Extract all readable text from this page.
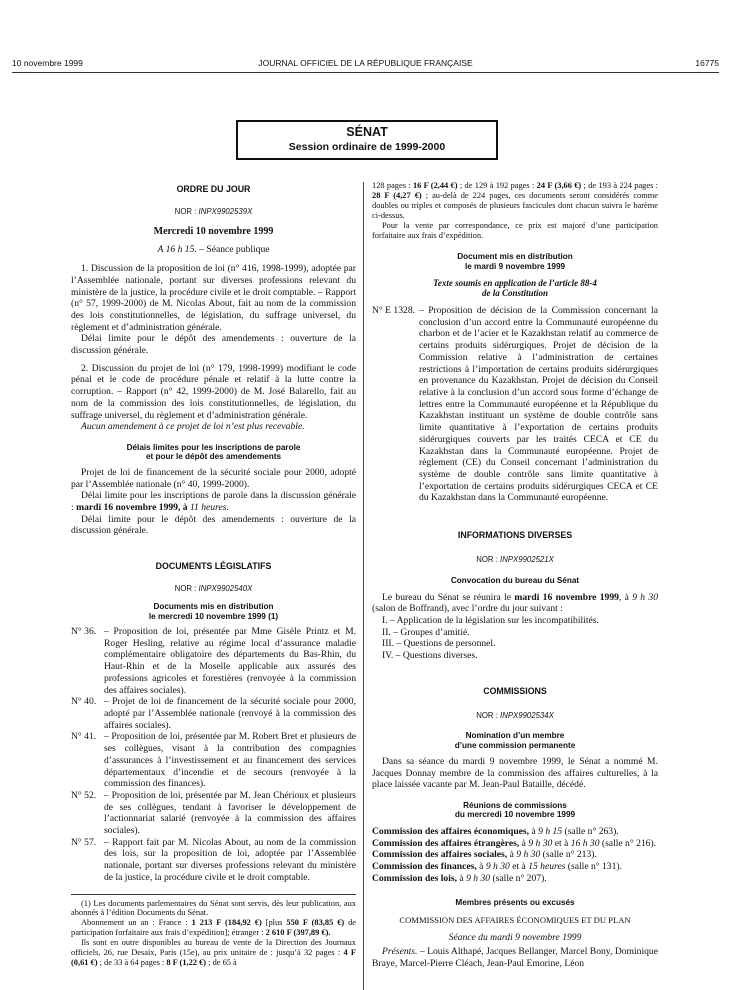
10 novembre 1999	JOURNAL OFFICIEL DE LA RÉPUBLIQUE FRANÇAISE	16775
SÉNAT
Session ordinaire de 1999-2000
ORDRE DU JOUR
NOR : INPX9902539X
Mercredi 10 novembre 1999
A 16 h 15. – Séance publique

1. Discussion de la proposition de loi (n° 416, 1998-1999), adoptée par l’Assemblée nationale, portant sur diverses professions relevant du ministère de la justice, la procédure civile et le droit comptable. – Rapport (n° 57, 1999-2000) de M. Nicolas About, fait au nom de la commission des lois constitutionnelles, de législation, du suffrage universel, du règlement et d’administration générale.

Délai limite pour le dépôt des amendements : ouverture de la discussion générale.

2. Discussion du projet de loi (n° 179, 1998-1999) modifiant le code pénal et le code de procédure pénale et relatif à la lutte contre la corruption. – Rapport (n° 42, 1999-2000) de M. José Balarello, fait au nom de la commission des lois constitutionnelles, de législation, du suffrage universel, du règlement et d’administration générale.

Aucun amendement à ce projet de loi n’est plus recevable.

Délais limites pour les inscriptions de parole
et pour le dépôt des amendements

Projet de loi de financement de la sécurité sociale pour 2000, adopté par l’Assemblée nationale (n° 40, 1999-2000).

Délai limite pour les inscriptions de parole dans la discussion générale : mardi 16 novembre 1999, à 11 heures.

Délai limite pour le dépôt des amendements : ouverture de la discussion générale.

DOCUMENTS LÉGISLATIFS
NOR : INPX9902540X
Documents mis en distribution
le mercredi 10 novembre 1999 (1)
N° 36. – Proposition de loi, présentée par Mme Gisèle Printz et M. Roger Hesling, relative au régime local d’assurance maladie complémentaire obligatoire des départements du Bas-Rhin, du Haut-Rhin et de la Moselle applicable aux assurés des professions agricoles et forestières (renvoyée à la commission des affaires sociales).
N° 40. – Projet de loi de financement de la sécurité sociale pour 2000, adopté par l’Assemblée nationale (renvoyé à la commission des affaires sociales).
N° 41. – Proposition de loi, présentée par M. Robert Bret et plusieurs de ses collègues, visant à la contribution des compagnies d’assurances à l’investissement et au financement des services départementaux d’incendie et de secours (renvoyée à la commission des finances).
N° 52. – Proposition de loi, présentée par M. Jean Chérioux et plusieurs de ses collègues, tendant à favoriser le développement de l’actionnariat salarié (renvoyée à la commission des affaires sociales).
N° 57. – Rapport fait par M. Nicolas About, au nom de la commission des lois, sur la proposition de loi, adoptée par l’Assemblée nationale, portant sur diverses professions relevant du ministère de la justice, la procédure civile et le droit comptable.

(1) Les documents parlementaires du Sénat sont servis, dès leur publication, aux abonnés à l’édition Documents du Sénat.

Abonnement un an : France : 1 213 F (184,92 €) [plus 550 F (83,85 €) de participation forfaitaire aux frais d’expédition]; étranger : 2 610 F (397,89 €).

Ils sont en outre disponibles au bureau de vente de la Direction des Journaux officiels, 26, rue Desaix, Paris (15e), au prix unitaire de : jusqu’à 32 pages : 4 F (0,61 €) ; de 33 à 64 pages : 8 F (1,22 €) ; de 65 à

128 pages : 16 F (2,44 €) ; de 129 à 192 pages : 24 F (3,66 €) ; de 193 à 224 pages : 28 F (4,27 €) ; au-delà de 224 pages, ces documents seront considérés comme doubles ou triples et composés de plusieurs fascicules dont chacun suivra le barème ci-dessus.

Pour la vente par correspondance, ce prix est majoré d’une participation forfaitaire aux frais d’expédition.

Document mis en distribution
le mardi 9 novembre 1999
Texte soumis en application de l’article 88-4
de la Constitution
N° E 1328. – Proposition de décision de la Commission concernant la conclusion d’un accord entre la Communauté européenne du charbon et de l’acier et le Kazakhstan relatif au commerce de certains produits sidérurgiques. Projet de décision de la Commission relative à l’administration de certaines restrictions à l’importation de certains produits sidérurgiques en provenance du Kazakhstan. Projet de décision du Conseil relative à la conclusion d’un accord sous forme d’échange de lettres entre la Communauté européenne et la République du Kazakhstan instituant un système de double contrôle sans limite quantitative à l’exportation de certains produits sidérurgiques couverts par les traités CECA et CE du Kazakhstan dans la Communauté européenne. Projet de règlement (CE) du Conseil concernant l’administration du système de double contrôle sans limite quantitative à l’exportation de certains produits sidérurgiques CECA et CE du Kazakhstan dans la Communauté européenne.
INFORMATIONS DIVERSES
NOR : INPX9902521X
Convocation du bureau du Sénat

Le bureau du Sénat se réunira le mardi 16 novembre 1999, à 9 h 30 (salon de Boffrand), avec l’ordre du jour suivant :

I. – Application de la législation sur les incompatibilités.
II. – Groupes d’amitié.
III. – Questions de personnel.
IV. – Questions diverses.
COMMISSIONS
NOR : INPX9902534X
Nomination d’un membre
d’une commission permanente

Dans sa séance du mardi 9 novembre 1999, le Sénat a nommé M. Jacques Donnay membre de la commission des affaires culturelles, à la place laissée vacante par M. Jean-Paul Bataille, décédé.

Réunions de commissions
du mercredi 10 novembre 1999
Commission des affaires économiques, à 9 h 15 (salle n° 263).
Commission des affaires étrangères, à 9 h 30 et à 16 h 30 (salle n° 216).
Commission des affaires sociales, à 9 h 30 (salle n° 213).
Commission des finances, à 9 h 30 et à 15 heures (salle n° 131).
Commission des lois, à 9 h 30 (salle n° 207).
Membres présents ou excusés
COMMISSION DES AFFAIRES ÉCONOMIQUES ET DU PLAN
Séance du mardi 9 novembre 1999

Présents. – Louis Althapé, Jacques Bellanger, Marcel Bony, Dominique Braye, Marcel-Pierre Cléach, Jean-Paul Emorine, Léon
